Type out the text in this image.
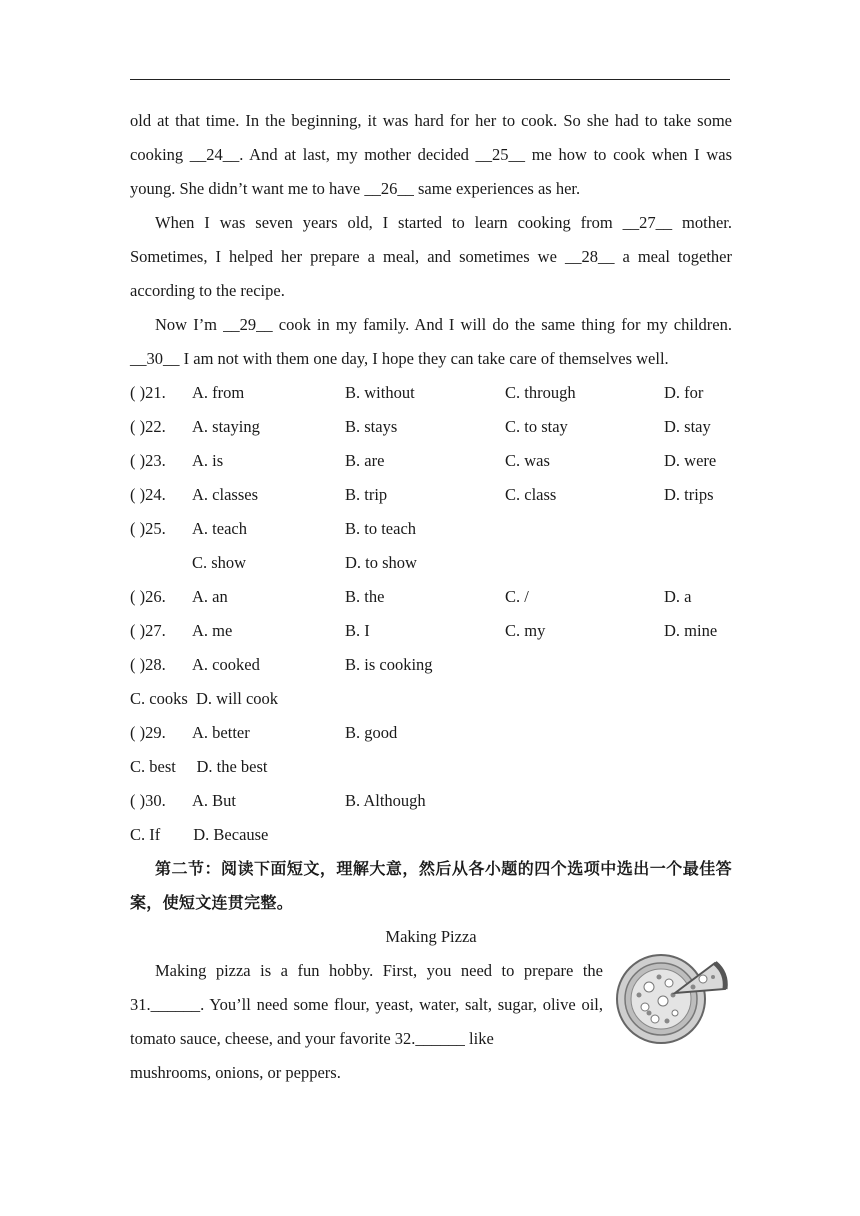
old at that time. In the beginning, it was hard for her to cook. So she had to take some cooking __24__. And at last, my mother decided __25__ me how to cook when I was young. She didn’t want me to have __26__ same experiences as her.
When I was seven years old, I started to learn cooking from __27__ mother. Sometimes, I helped her prepare a meal, and sometimes we __28__ a meal together according to the recipe.
Now I’m __29__ cook in my family. And I will do the same thing for my children. __30__ I am not with them one day, I hope they can take care of themselves well.
( )21. A. from	B. without	C. through	D. for
( )22. A. staying	B. stays	C. to stay	D. stay
( )23. A. is	B. are	C. was	D. were
( )24. A. classes	B. trip	C. class	D. trips
( )25. A. teach	B. to teach
C. show	D. to show
( )26. A. an	B. the	C. /	D. a
( )27. A. me	B. I	C. my	D. mine
( )28. A. cooked	B. is cooking
C. cooks  D. will cook
( )29. A. better	B. good
C. best     D. the best
( )30. A. But	B. Although
C. If        D. Because
第二节：阅读下面短文，理解大意，然后从各小题的四个选项中选出一个最佳答案，使短文连贯完整。
Making Pizza
Making pizza is a fun hobby. First, you need to prepare the 31.______. You’ll need some flour, yeast, water, salt, sugar, olive oil, tomato sauce, cheese, and your favorite 32.______ like
mushrooms, onions, or peppers.
